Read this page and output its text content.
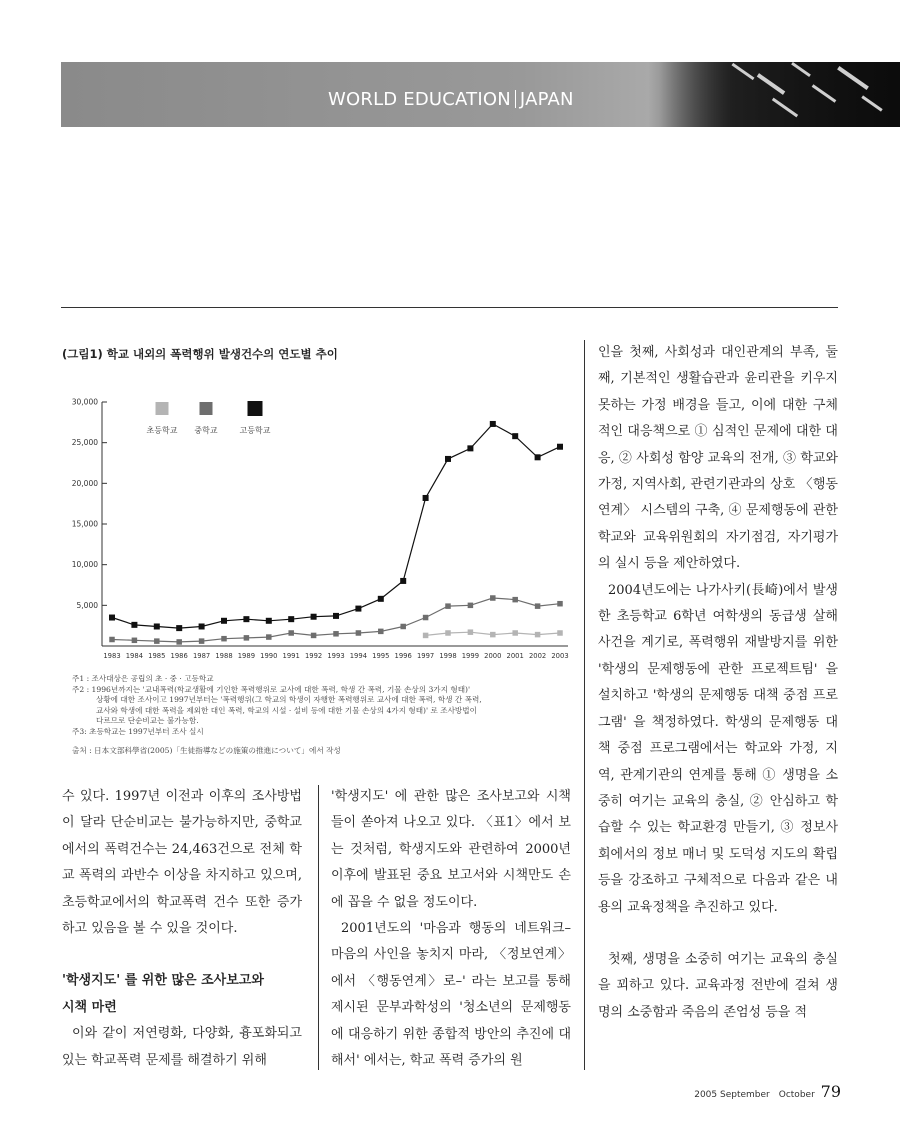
WORLD EDUCATION JAPAN
(그림1) 학교 내외의 폭력행위 발생건수의 연도별 추이
30,000
25,000
20,000
15,000
10,000
5,000
1983 1984 1985 1986 1987 1988 1989 1990 1991 1992 1993 1994 1995 1996 1997 1998 1999 2000 2001 2002 2003
초등학교 중학교	고등학교

주1 : 조사대상은 공립의 초 · 중 · 고등학교

주2 : 1996년까지는 '교내폭력(학교생활에 기인한 폭력행위로 교사에 대한 폭력, 학생 간 폭력, 기물 손상의 3가지 형태)'

상황에 대한 조사이고 1997년부터는 '폭력행위(그 학교의 학생이 자행한 폭력행위로 교사에 대한 폭력, 학생 간 폭력,

교사와 학생에 대한 폭력을 제외한 대인 폭력, 학교의 시설 · 설비 등에 대한 기물 손상의 4가지 형태)' 로 조사방법이

다르므로 단순비교는 불가능함.

주3: 초등학교는 1997년부터 조사 실시

출처 : 日本文部科學省(2005)「生徒指導などの施策の推進について」에서 작성

수 있다. 1997년 이전과 이후의 조사방법 이 달라 단순비교는 불가능하지만, 중학교에서의 폭력건수는 24,463건으로 전체 학교 폭력의 과반수 이상을 차지하고 있으며, 초등학교에서의 학교폭력 건수 또한 증가하고 있음을 볼 수 있을 것이다.

'학생지도' 를 위한 많은 조사보고와
시책 마련

이와 같이 저연령화, 다양화, 흉포화되고 있는 학교폭력 문제를 해결하기 위해

'학생지도' 에 관한 많은 조사보고와 시책들이 쏟아져 나오고 있다. 〈표1〉에서 보는 것처럼, 학생지도와 관련하여 2000년 이후에 발표된 중요 보고서와 시책만도 손에 꼽을 수 없을 정도이다.

2001년도의 '마음과 행동의 네트워크–마음의 사인을 놓치지 마라, 〈정보연계〉에서 〈행동연계〉로–' 라는 보고를 통해 제시된 문부과학성의 '청소년의 문제행동에 대응하기 위한 종합적 방안의 추진에 대해서' 에서는, 학교 폭력 증가의 원

인을 첫째, 사회성과 대인관계의 부족, 둘째, 기본적인 생활습관과 윤리관을 키우지 못하는 가정 배경을 들고, 이에 대한 구체적인 대응책으로 ① 심적인 문제에 대한 대응, ② 사회성 함양 교육의 전개, ③ 학교와 가정, 지역사회, 관련기관과의 상호 〈행동연계〉 시스템의 구축, ④ 문제행동에 관한 학교와 교육위원회의 자기점검, 자기평가의 실시 등을 제안하였다.

2004년도에는 나가사키(長崎)에서 발생한 초등학교 6학년 여학생의 동급생 살해사건을 계기로, 폭력행위 재발방지를 위한 '학생의 문제행동에 관한 프로젝트팀' 을 설치하고 '학생의 문제행동 대책 중점 프로그램' 을 책정하였다. 학생의 문제행동 대책 중점 프로그램에서는 학교와 가정, 지역, 관계기관의 연계를 통해 ① 생명을 소중히 여기는 교육의 충실, ② 안심하고 학습할 수 있는 학교환경 만들기, ③ 정보사회에서의 정보 매너 및 도덕성 지도의 확립 등을 강조하고 구체적으로 다음과 같은 내용의 교육정책을 추진하고 있다.

첫째, 생명을 소중히 여기는 교육의 충실을 꾀하고 있다. 교육과정 전반에 걸쳐 생명의 소중함과 죽음의 존엄성 등을 적

2005 September　October 79
